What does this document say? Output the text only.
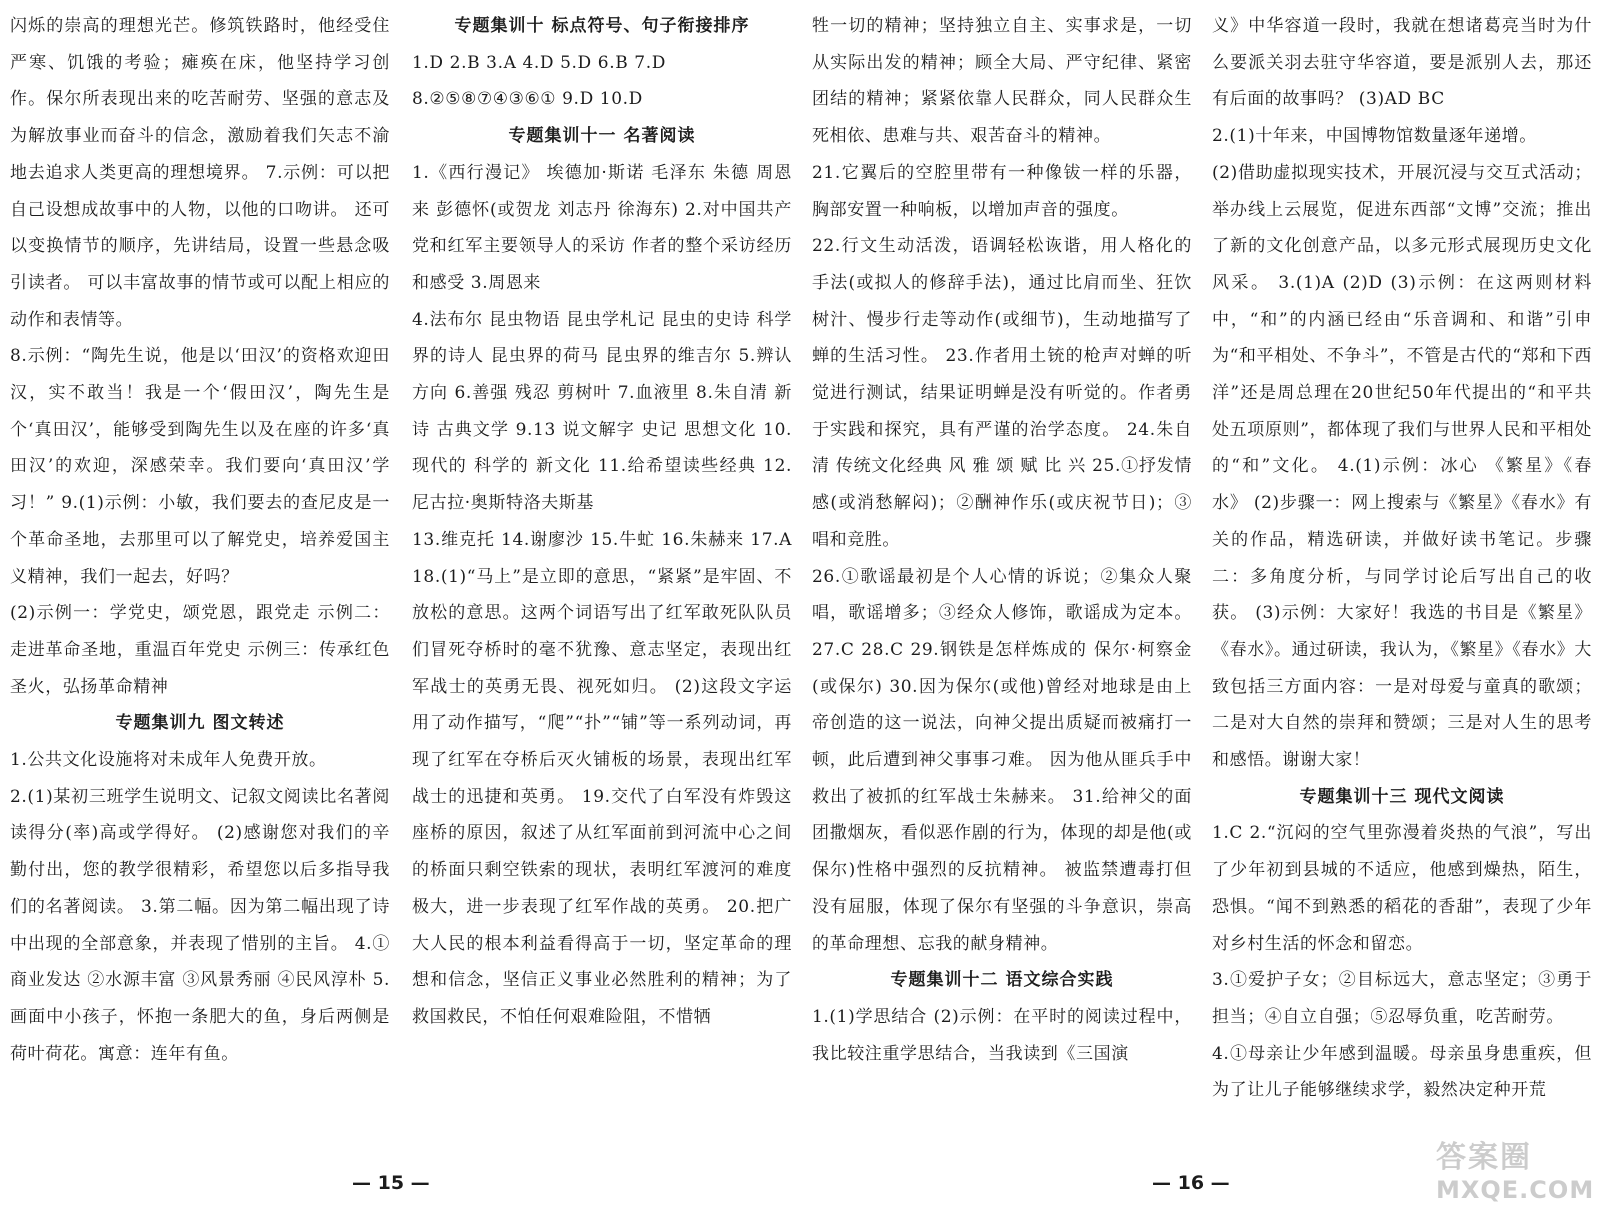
闪烁的崇高的理想光芒。修筑铁路时，他经受住严寒、饥饿的考验；瘫痪在床，他坚持学习创作。保尔所表现出来的吃苦耐劳、坚强的意志及为解放事业而奋斗的信念，激励着我们矢志不渝地去追求人类更高的理想境界。 7.示例：可以把自己设想成故事中的人物，以他的口吻讲。 还可以变换情节的顺序，先讲结局，设置一些悬念吸引读者。 可以丰富故事的情节或可以配上相应的动作和表情等。

8.示例：“陶先生说，他是以‘田汉’的资格欢迎田汉，实不敢当！我是一个‘假田汉’，陶先生是个‘真田汉’，能够受到陶先生以及在座的许多‘真田汉’的欢迎，深感荣幸。我们要向‘真田汉’学习！” 9.(1)示例：小敏，我们要去的查尼皮是一个革命圣地，去那里可以了解党史，培养爱国主义精神，我们一起去，好吗？

(2)示例一：学党史，颂党恩，跟党走 示例二：走进革命圣地，重温百年党史 示例三：传承红色圣火，弘扬革命精神

专题集训九 图文转述

1.公共文化设施将对未成年人免费开放。

2.(1)某初三班学生说明文、记叙文阅读比名著阅读得分(率)高或学得好。 (2)感谢您对我们的辛勤付出，您的教学很精彩，希望您以后多指导我们的名著阅读。 3.第二幅。因为第二幅出现了诗中出现的全部意象，并表现了惜别的主旨。 4.①商业发达 ②水源丰富 ③风景秀丽 ④民风淳朴 5.画面中小孩子，怀抱一条肥大的鱼，身后两侧是荷叶荷花。寓意：连年有鱼。

专题集训十 标点符号、句子衔接排序

1.D 2.B 3.A 4.D 5.D 6.B 7.D

8.②⑤⑧⑦④③⑥① 9.D 10.D

专题集训十一 名著阅读

1.《西行漫记》 埃德加·斯诺 毛泽东 朱德 周恩来 彭德怀(或贺龙 刘志丹 徐海东) 2.对中国共产党和红军主要领导人的采访 作者的整个采访经历和感受 3.周恩来

4.法布尔 昆虫物语 昆虫学札记 昆虫的史诗 科学界的诗人 昆虫界的荷马 昆虫界的维吉尔 5.辨认方向 6.善强 残忍 剪树叶 7.血液里 8.朱自清 新诗 古典文学 9.13 说文解字 史记 思想文化 10.现代的 科学的 新文化 11.给希望读些经典 12.尼古拉·奥斯特洛夫斯基

13.维克托 14.谢廖沙 15.牛虻 16.朱赫来 17.A 18.(1)“马上”是立即的意思，“紧紧”是牢固、不放松的意思。这两个词语写出了红军敢死队队员们冒死夺桥时的毫不犹豫、意志坚定，表现出红军战士的英勇无畏、视死如归。 (2)这段文字运用了动作描写，“爬”“扑”“铺”等一系列动词，再现了红军在夺桥后灭火铺板的场景，表现出红军战士的迅捷和英勇。 19.交代了白军没有炸毁这座桥的原因，叙述了从红军面前到河流中心之间的桥面只剩空铁索的现状，表明红军渡河的难度极大，进一步表现了红军作战的英勇。 20.把广大人民的根本利益看得高于一切，坚定革命的理想和信念，坚信正义事业必然胜利的精神；为了救国救民，不怕任何艰难险阻，不惜牺

牲一切的精神；坚持独立自主、实事求是，一切从实际出发的精神；顾全大局、严守纪律、紧密团结的精神；紧紧依靠人民群众，同人民群众生死相依、患难与共、艰苦奋斗的精神。

21.它翼后的空腔里带有一种像钹一样的乐器，胸部安置一种响板，以增加声音的强度。

22.行文生动活泼，语调轻松诙谐，用人格化的手法(或拟人的修辞手法)，通过比肩而坐、狂饮树汁、慢步行走等动作(或细节)，生动地描写了蝉的生活习性。 23.作者用土铳的枪声对蝉的听觉进行测试，结果证明蝉是没有听觉的。作者勇于实践和探究，具有严谨的治学态度。 24.朱自清 传统文化经典 风 雅 颂 赋 比 兴 25.①抒发情感(或消愁解闷)；②酬神作乐(或庆祝节日)；③唱和竞胜。

26.①歌谣最初是个人心情的诉说；②集众人聚唱，歌谣增多；③经众人修饰，歌谣成为定本。 27.C 28.C 29.钢铁是怎样炼成的 保尔·柯察金(或保尔) 30.因为保尔(或他)曾经对地球是由上帝创造的这一说法，向神父提出质疑而被痛打一顿，此后遭到神父事事刁难。 因为他从匪兵手中救出了被抓的红军战士朱赫来。 31.给神父的面团撒烟灰，看似恶作剧的行为，体现的却是他(或保尔)性格中强烈的反抗精神。 被监禁遭毒打但没有屈服，体现了保尔有坚强的斗争意识，崇高的革命理想、忘我的献身精神。

专题集训十二 语文综合实践

1.(1)学思结合 (2)示例：在平时的阅读过程中，我比较注重学思结合，当我读到《三国演

义》中华容道一段时，我就在想诸葛亮当时为什么要派关羽去驻守华容道，要是派别人去，那还有后面的故事吗？ (3)AD BC

2.(1)十年来，中国博物馆数量逐年递增。

(2)借助虚拟现实技术，开展沉浸与交互式活动；举办线上云展览，促进东西部“文博”交流；推出了新的文化创意产品，以多元形式展现历史文化风采。 3.(1)A (2)D (3)示例：在这两则材料中，“和”的内涵已经由“乐音调和、和谐”引申为“和平相处、不争斗”，不管是古代的“郑和下西洋”还是周总理在20世纪50年代提出的“和平共处五项原则”，都体现了我们与世界人民和平相处的“和”文化。 4.(1)示例：冰心 《繁星》《春水》 (2)步骤一：网上搜索与《繁星》《春水》有关的作品，精选研读，并做好读书笔记。步骤二：多角度分析，与同学讨论后写出自己的收获。 (3)示例：大家好！我选的书目是《繁星》《春水》。通过研读，我认为，《繁星》《春水》大致包括三方面内容：一是对母爱与童真的歌颂；二是对大自然的崇拜和赞颂；三是对人生的思考和感悟。谢谢大家！

专题集训十三 现代文阅读

1.C 2.“沉闷的空气里弥漫着炎热的气浪”，写出了少年初到县城的不适应，他感到燥热，陌生，恐惧。“闻不到熟悉的稻花的香甜”，表现了少年对乡村生活的怀念和留恋。

3.①爱护子女；②目标远大，意志坚定；③勇于担当；④自立自强；⑤忍辱负重，吃苦耐劳。

4.①母亲让少年感到温暖。母亲虽身患重疾，但为了让儿子能够继续求学，毅然决定种开荒

— 15 —	— 16 —
答案圈
MXQE.COM
